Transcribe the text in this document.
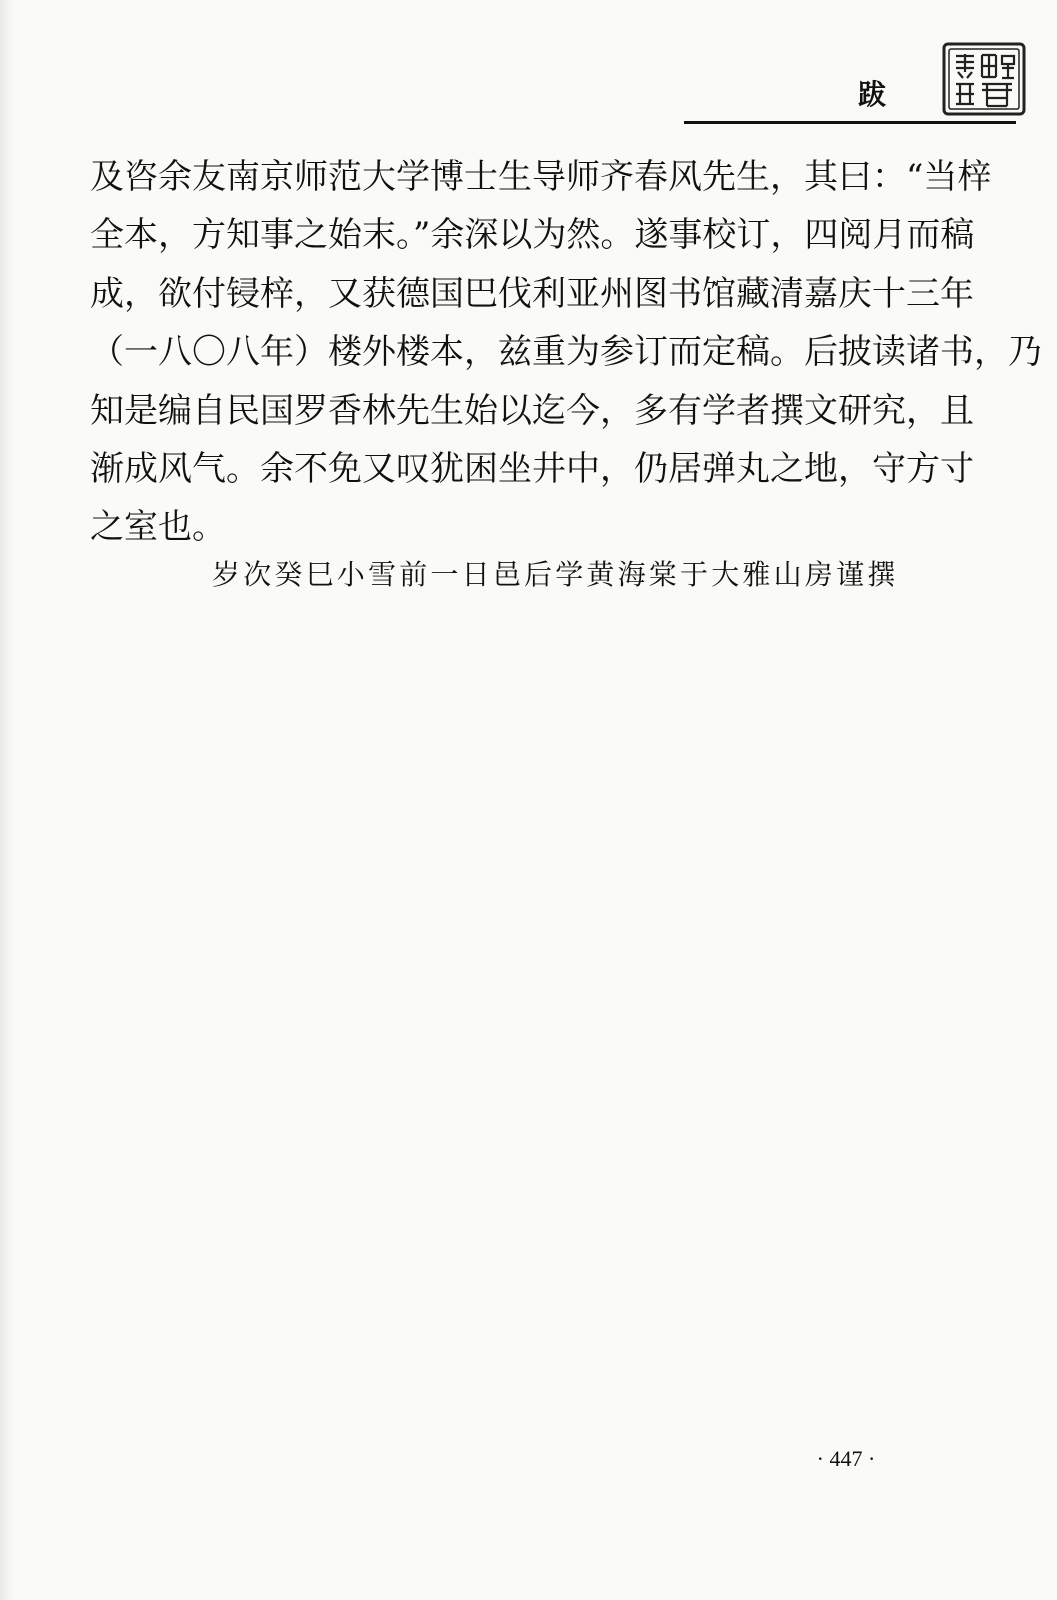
跋
及咨余友南京师范大学博士生导师齐春风先生，其曰：“当梓
全本，方知事之始末。”余深以为然。遂事校订，四阅月而稿
成，欲付锓梓，又获德国巴伐利亚州图书馆藏清嘉庆十三年
（一八〇八年）楼外楼本，兹重为参订而定稿。后披读诸书，乃
知是编自民国罗香林先生始以迄今，多有学者撰文研究，且
渐成风气。余不免又叹犹困坐井中，仍居弹丸之地，守方寸
之室也。
岁次癸巳小雪前一日邑后学黄海棠于大雅山房谨撰
· 447 ·
